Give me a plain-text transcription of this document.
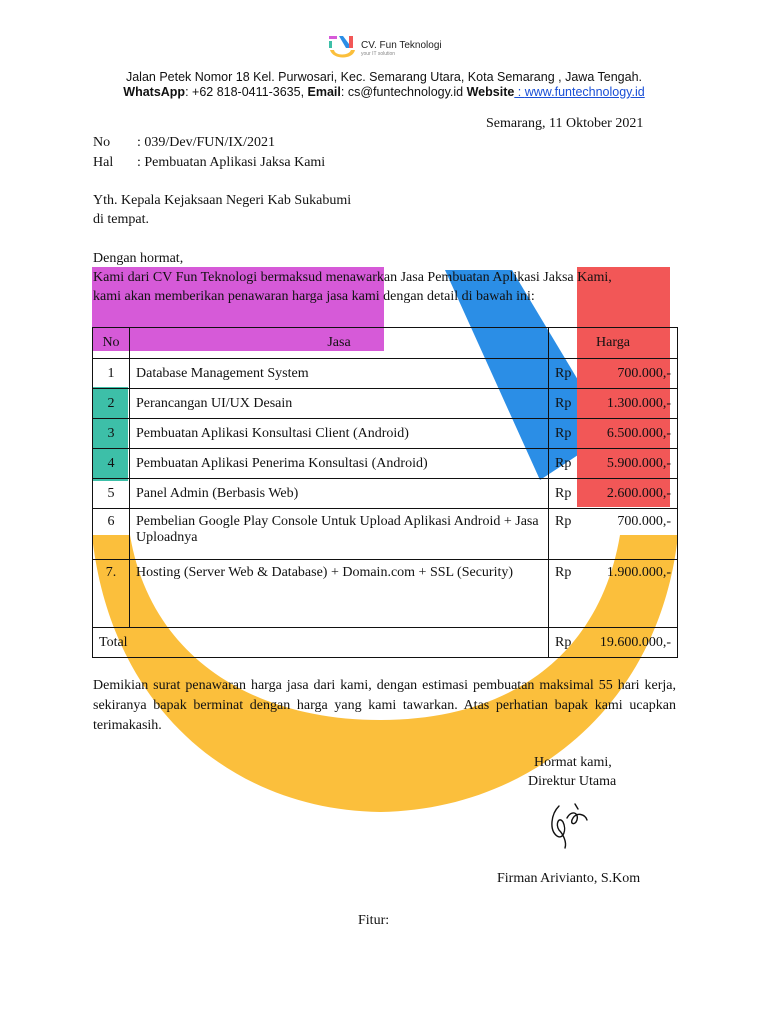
CV. Fun Teknologi
your IT solution
Jalan Petek Nomor 18 Kel. Purwosari, Kec. Semarang Utara, Kota Semarang , Jawa Tengah.
WhatsApp: +62 818-0411-3635, Email: cs@funtechnology.id Website : www.funtechnology.id
Semarang, 11 Oktober 2021
No : 039/Dev/FUN/IX/2021
Hal : Pembuatan Aplikasi Jaksa Kami
Yth. Kepala Kejaksaan Negeri Kab Sukabumi
di tempat.
Dengan hormat,
Kami dari CV Fun Teknologi bermaksud menawarkan Jasa Pembuatan Aplikasi Jaksa Kami,
kami akan memberikan penawaran harga jasa kami dengan detail di bawah ini:
No	Jasa	Harga	
1	Database Management System	Rp	700.000,-
2	Perancangan UI/UX Desain	Rp	1.300.000,-
3	Pembuatan Aplikasi Konsultasi Client (Android)	Rp	6.500.000,-
4	Pembuatan Aplikasi Penerima Konsultasi (Android)	Rp	5.900.000,-
5	Panel Admin (Berbasis Web)	Rp	2.600.000,-
6	Pembelian Google Play Console Untuk Upload Aplikasi Android + Jasa Uploadnya	Rp	700.000,-
7.	Hosting (Server Web & Database) + Domain.com + SSL (Security)	Rp	1.900.000,-
Total		Rp	19.600.000,-
Demikian surat penawaran harga jasa dari kami, dengan estimasi pembuatan maksimal 55 hari kerja, sekiranya bapak berminat dengan harga yang kami tawarkan. Atas perhatian bapak kami ucapkan terimakasih.
Hormat kami,
Direktur Utama
Firman Arivianto, S.Kom
Fitur:
